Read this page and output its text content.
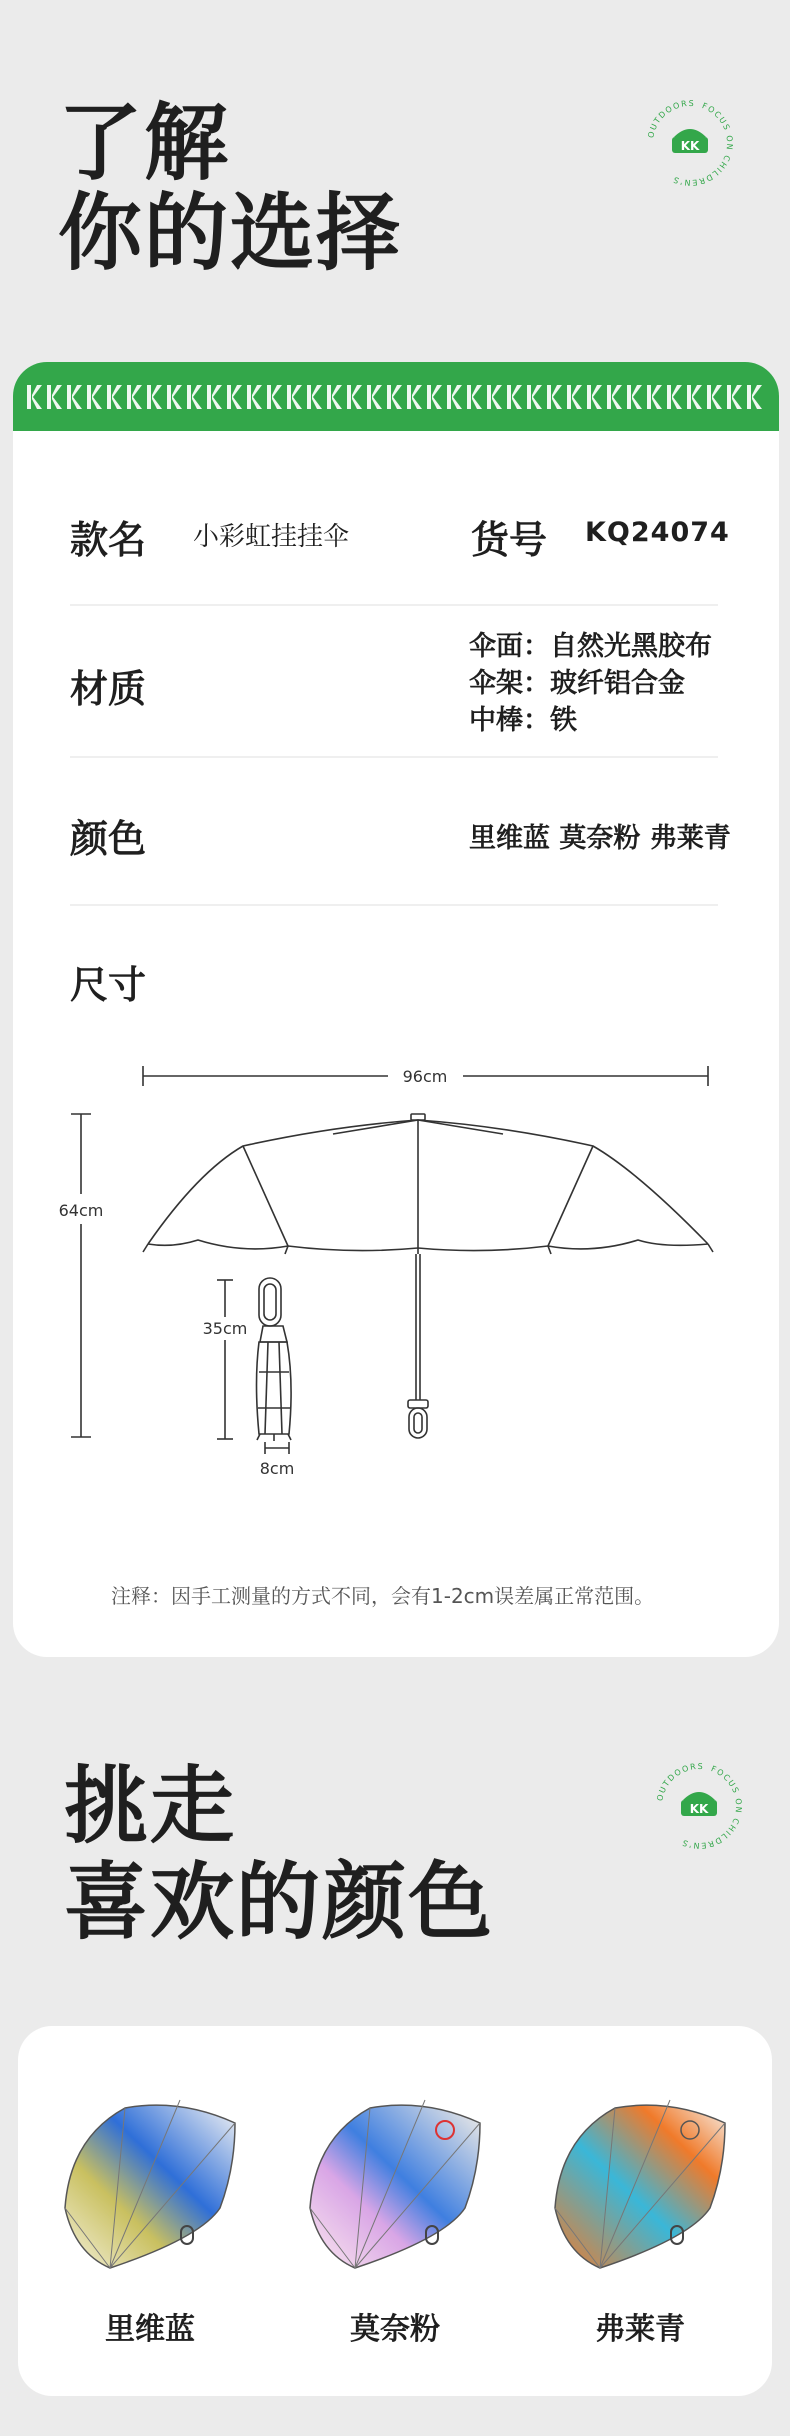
了解
你的选择
FOCUS ON
CHILDREN'S
OUTDOORS
KK
款名 小彩虹挂挂伞	货号 KQ24074
材质
伞面：自然光黑胶布
伞架：玻纤铝合金
中棒：铁
颜色	里维蓝 莫奈粉 弗莱青
尺寸
96cm
64cm
35cm
8cm
注释：因手工测量的方式不同，会有1-2cm误差属正常范围。
挑走
喜欢的颜色
FOCUS ON
CHILDREN'S
OUTDOORS
KK
里维蓝	莫奈粉	弗莱青
